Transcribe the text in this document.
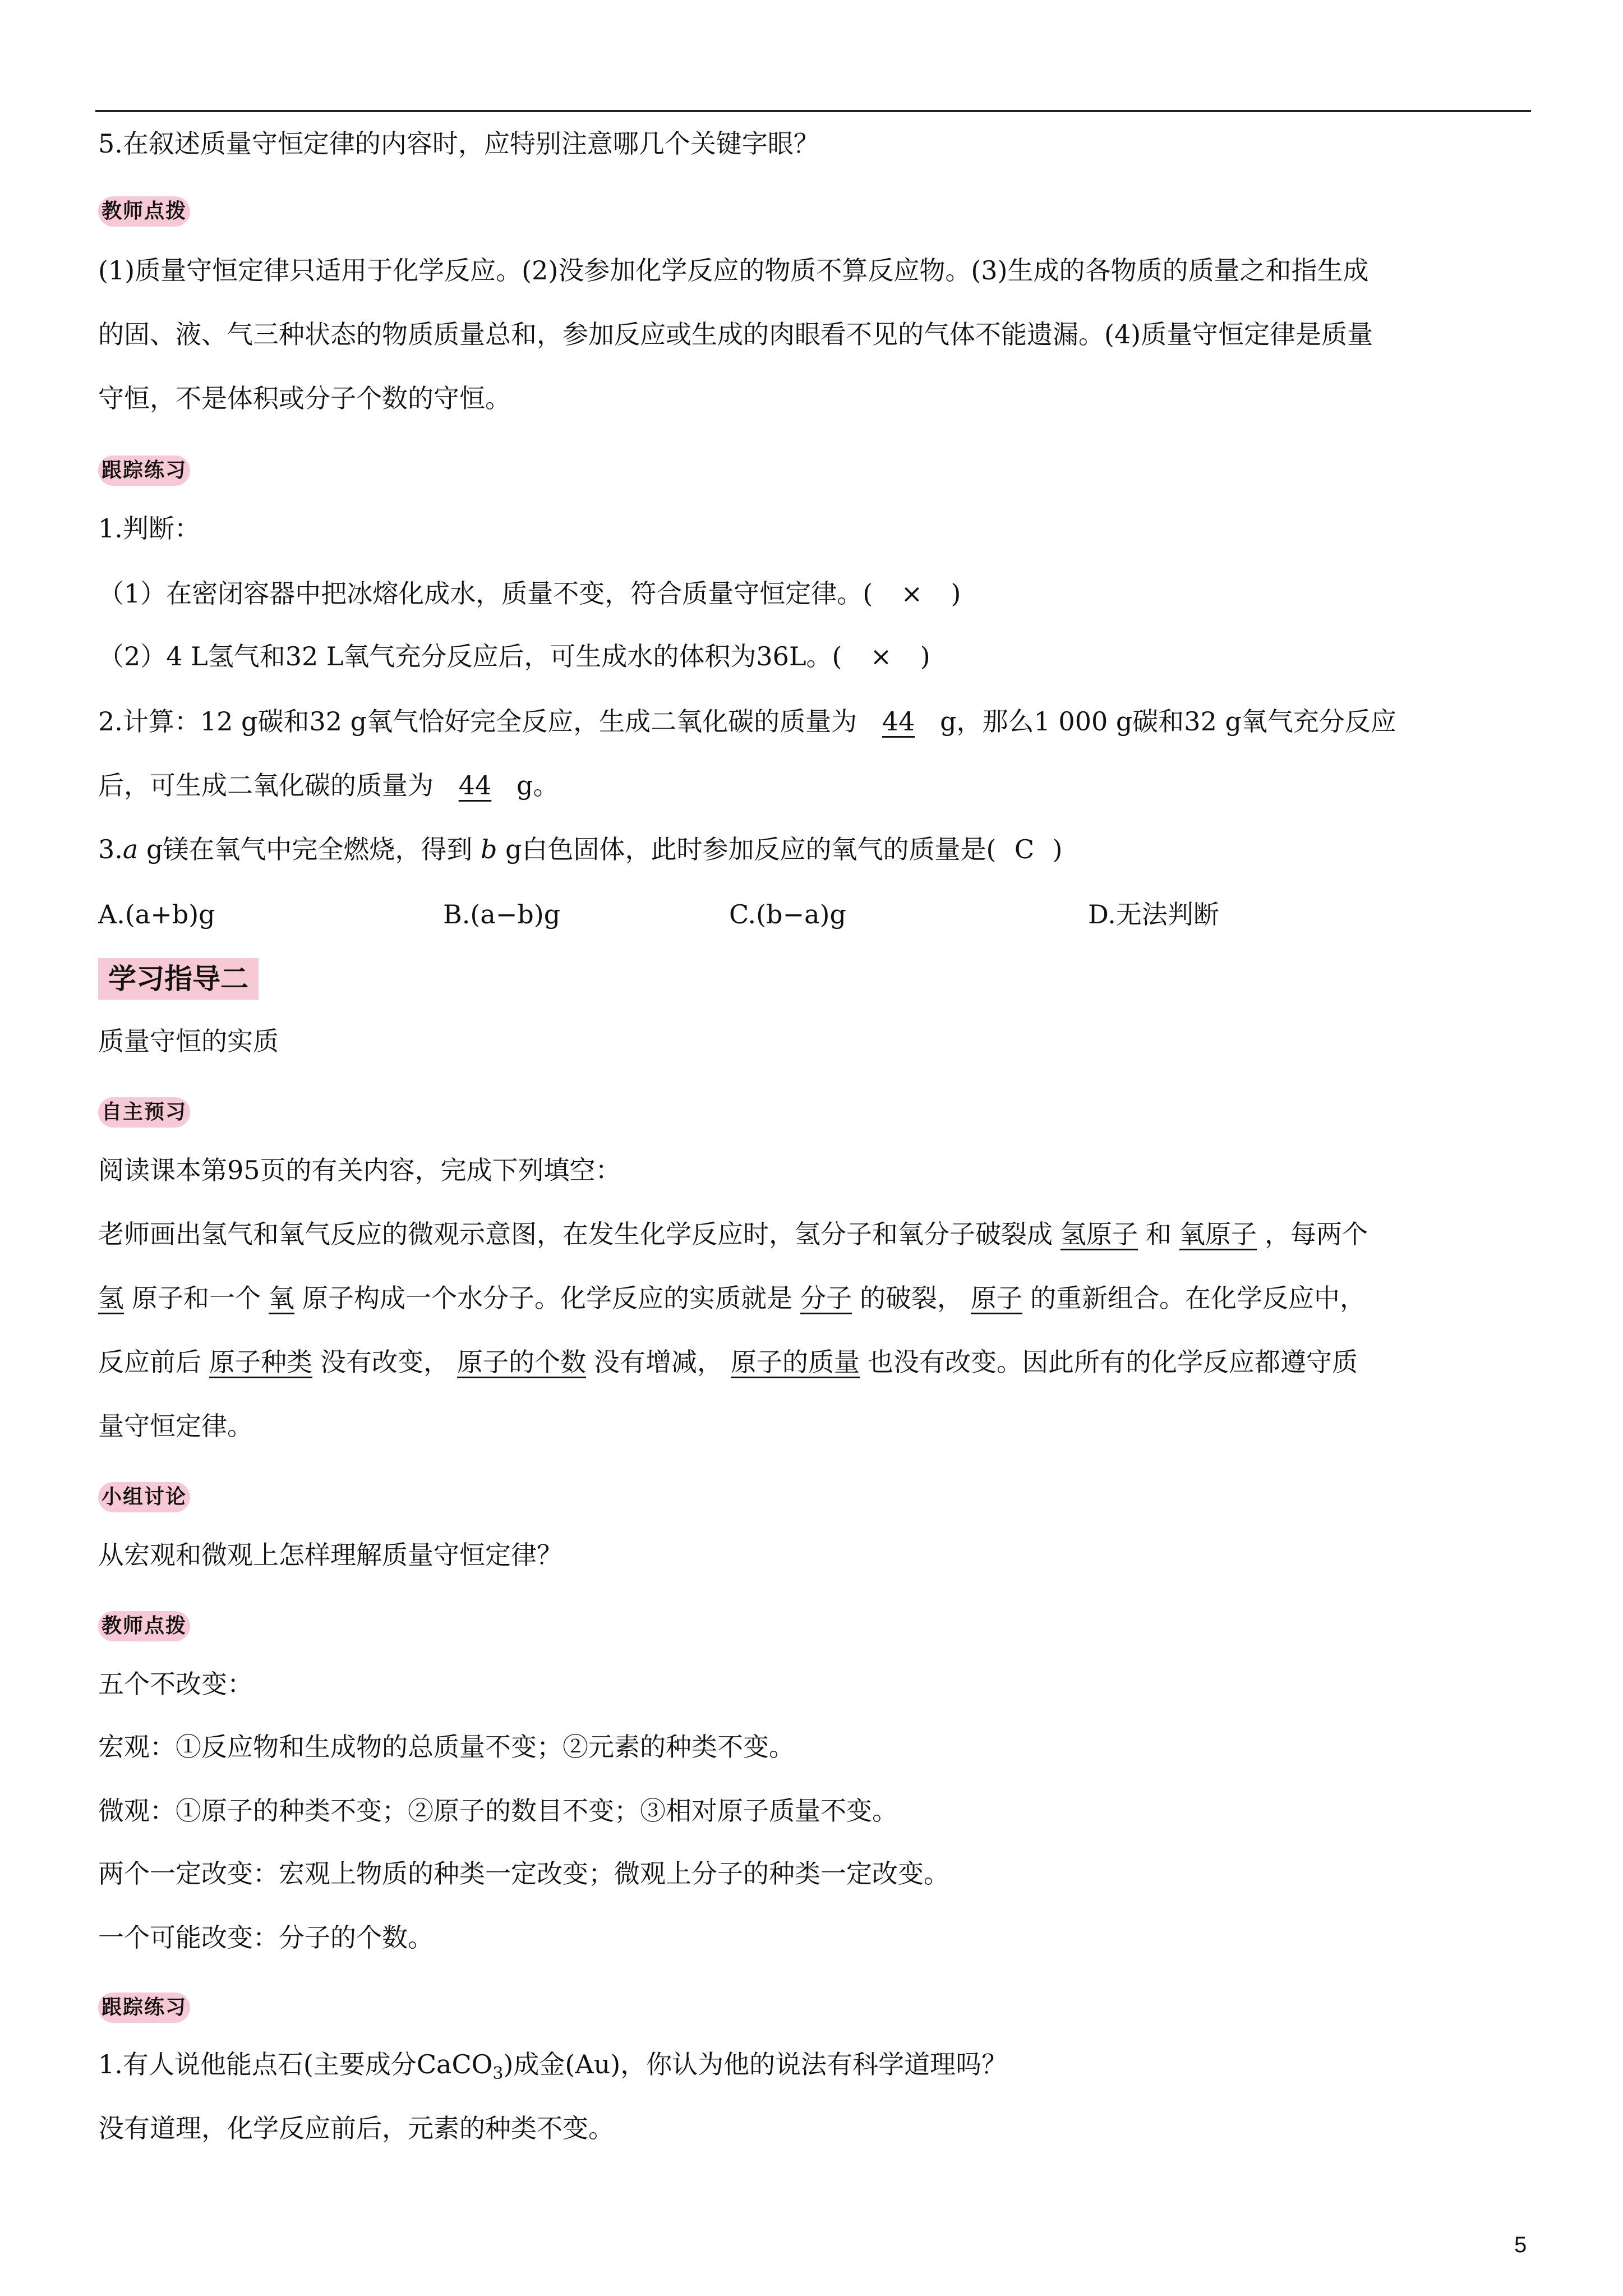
5.在叙述质量守恒定律的内容时，应特别注意哪几个关键字眼？
教师点拨
(1)质量守恒定律只适用于化学反应。(2)没参加化学反应的物质不算反应物。(3)生成的各物质的质量之和指生成
的固、液、气三种状态的物质质量总和，参加反应或生成的肉眼看不见的气体不能遗漏。(4)质量守恒定律是质量
守恒，不是体积或分子个数的守恒。
跟踪练习
1.判断：
（1）在密闭容器中把冰熔化成水，质量不变，符合质量守恒定律。( × )
（2）4 L氢气和32 L氧气充分反应后，可生成水的体积为36L。( × )
2.计算：12 g碳和32 g氧气恰好完全反应，生成二氧化碳的质量为 44 g，那么1 000 g碳和32 g氧气充分反应
后，可生成二氧化碳的质量为 44 g。
3.a g镁在氧气中完全燃烧，得到 b g白色固体，此时参加反应的氧气的质量是( C )
A.(a+b)g	B.(a−b)g	C.(b−a)g	D.无法判断
学习指导二
质量守恒的实质
自主预习
阅读课本第95页的有关内容，完成下列填空：
老师画出氢气和氧气反应的微观示意图，在发生化学反应时，氢分子和氧分子破裂成 氢原子 和 氧原子 ，每两个
氢 原子和一个 氧 原子构成一个水分子。化学反应的实质就是 分子 的破裂， 原子 的重新组合。在化学反应中，
反应前后 原子种类 没有改变， 原子的个数 没有增减， 原子的质量 也没有改变。因此所有的化学反应都遵守质
量守恒定律。
小组讨论
从宏观和微观上怎样理解质量守恒定律？
教师点拨
五个不改变：
宏观：①反应物和生成物的总质量不变；②元素的种类不变。
微观：①原子的种类不变；②原子的数目不变；③相对原子质量不变。
两个一定改变：宏观上物质的种类一定改变；微观上分子的种类一定改变。
一个可能改变：分子的个数。
跟踪练习
1.有人说他能点石(主要成分CaCO$_3$)成金(Au)，你认为他的说法有科学道理吗？
没有道理，化学反应前后，元素的种类不变。
5
